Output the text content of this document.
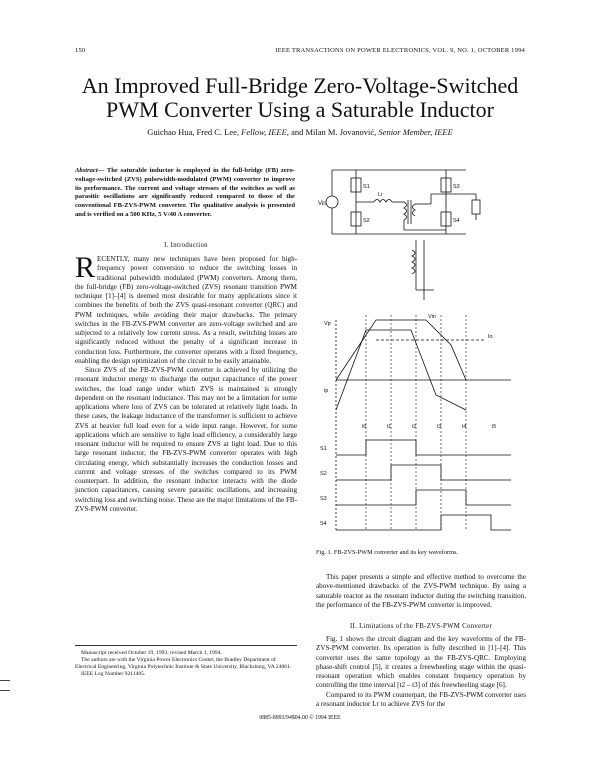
150	IEEE TRANSACTIONS ON POWER ELECTRONICS, VOL. 9, NO. 1, OCTOBER 1994
An Improved Full-Bridge Zero-Voltage-Switched
PWM Converter Using a Saturable Inductor
Guichao Hua, Fred C. Lee, Fellow, IEEE, and Milan M. Jovanović, Senior Member, IEEE
Abstract— The saturable inductor is employed in the full-bridge (FB) zero-voltage-switched (ZVS) pulsewidth-modulated (PWM) converter to improve its performance. The current and voltage stresses of the switches as well as parasitic oscillations are significantly reduced compared to those of the conventional FB-ZVS-PWM converter. The qualitative analysis is presented and is verified on a 500 KHz, 5 V/40 A converter.
I. Introduction

RECENTLY, many new techniques have been proposed for high-frequency power conversion to reduce the switching losses in traditional pulsewidth modulated (PWM) converters. Among them, the full-bridge (FB) zero-voltage-switched (ZVS) resonant transition PWM technique [1]–[4] is deemed most desirable for many applications since it combines the benefits of both the ZVS quasi-resonant converter (QRC) and PWM techniques, while avoiding their major drawbacks. The primary switches in the FB-ZVS-PWM converter are zero-voltage switched and are subjected to a relatively low current stress. As a result, switching losses are significantly reduced without the penalty of a significant increase in conduction loss. Furthermore, the converter operates with a fixed frequency, enabling the design optimization of the circuit to be easily attainable.

Since ZVS of the FB-ZVS-PWM converter is achieved by utilizing the resonant inductor energy to discharge the output capacitance of the power switches, the load range under which ZVS is maintained is strongly dependent on the resonant inductance. This may not be a limitation for some applications where loss of ZVS can be tolerated at relatively light loads. In these cases, the leakage inductance of the transformer is sufficient to achieve ZVS at heavier full load even for a wide input range. However, for some applications which are sensitive to light load efficiency, a considerably large resonant inductor will be required to ensure ZVS at light load. Due to this large resonant inductor, the FB-ZVS-PWM converter operates with high circulating energy, which substantially increases the conduction losses and current and voltage stresses of the switches compared to its PWM counterpart. In addition, the resonant inductor interacts with the diode junction capacitances, causing severe parasitic oscillations, and increasing switching loss and switching noise. These are the major limitations of the FB-ZVS-PWM converter.

Manuscript received October 19, 1993; revised March 1, 1994.

The authors are with the Virginia Power Electronics Center, the Bradley Department of Electrical Engineering, Virginia Polytechnic Institute & State University, Blacksburg, VA 24061.

IEEE Log Number 9211405.

Vin
S1
S2
S3
S4
Lr
Vp
ip
Vin
Io
t0	t1	t2	t3	t4	t5
S1
S2
S3
S4
Fig. 1. FB-ZVS-PWM converter and its key waveforms.

This paper presents a simple and effective method to overcome the above-mentioned drawbacks of the ZVS-PWM technique. By using a saturable reactor as the resonant inductor during the switching transition, the performance of the FB-ZVS-PWM converter is improved.

II. Limitations of the FB-ZVS-PWM Converter

Fig. 1 shows the circuit diagram and the key waveforms of the FB-ZVS-PWM converter. Its operation is fully described in [1]–[4]. This converter uses the same topology as the FB-ZVS-QRC. Employing phase-shift control [5], it creates a freewheeling stage within the quasi-resonant operation which enables constant frequency operation by controlling the time interval [t2 – t3] of this freewheeling stage [6].

Compared to its PWM counterpart, the FB-ZVS-PWM converter uses a resonant inductor Lr to achieve ZVS for the

0885-8993/94$04.00 © 1994 IEEE
